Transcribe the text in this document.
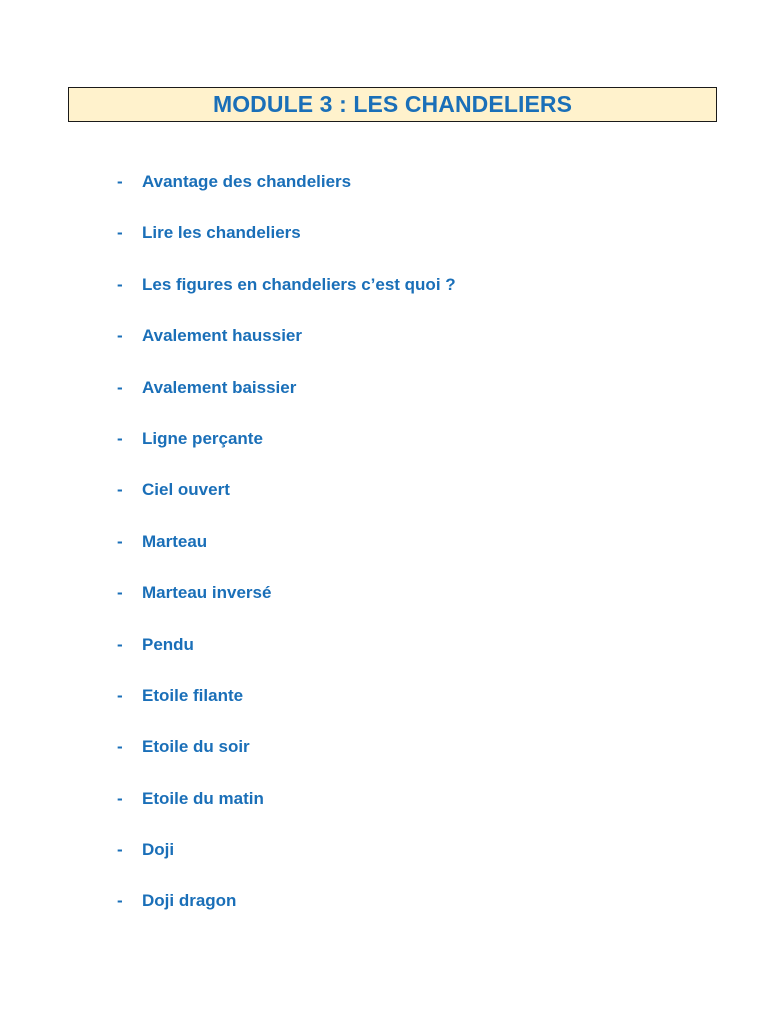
MODULE 3 : LES CHANDELIERS
-	Avantage des chandeliers
-	Lire les chandeliers
-	Les figures en chandeliers c’est quoi ?
-	Avalement haussier
-	Avalement baissier
-	Ligne perçante
-	Ciel ouvert
-	Marteau
-	Marteau inversé
-	Pendu
-	Etoile filante
-	Etoile du soir
-	Etoile du matin
-	Doji
-	Doji dragon
